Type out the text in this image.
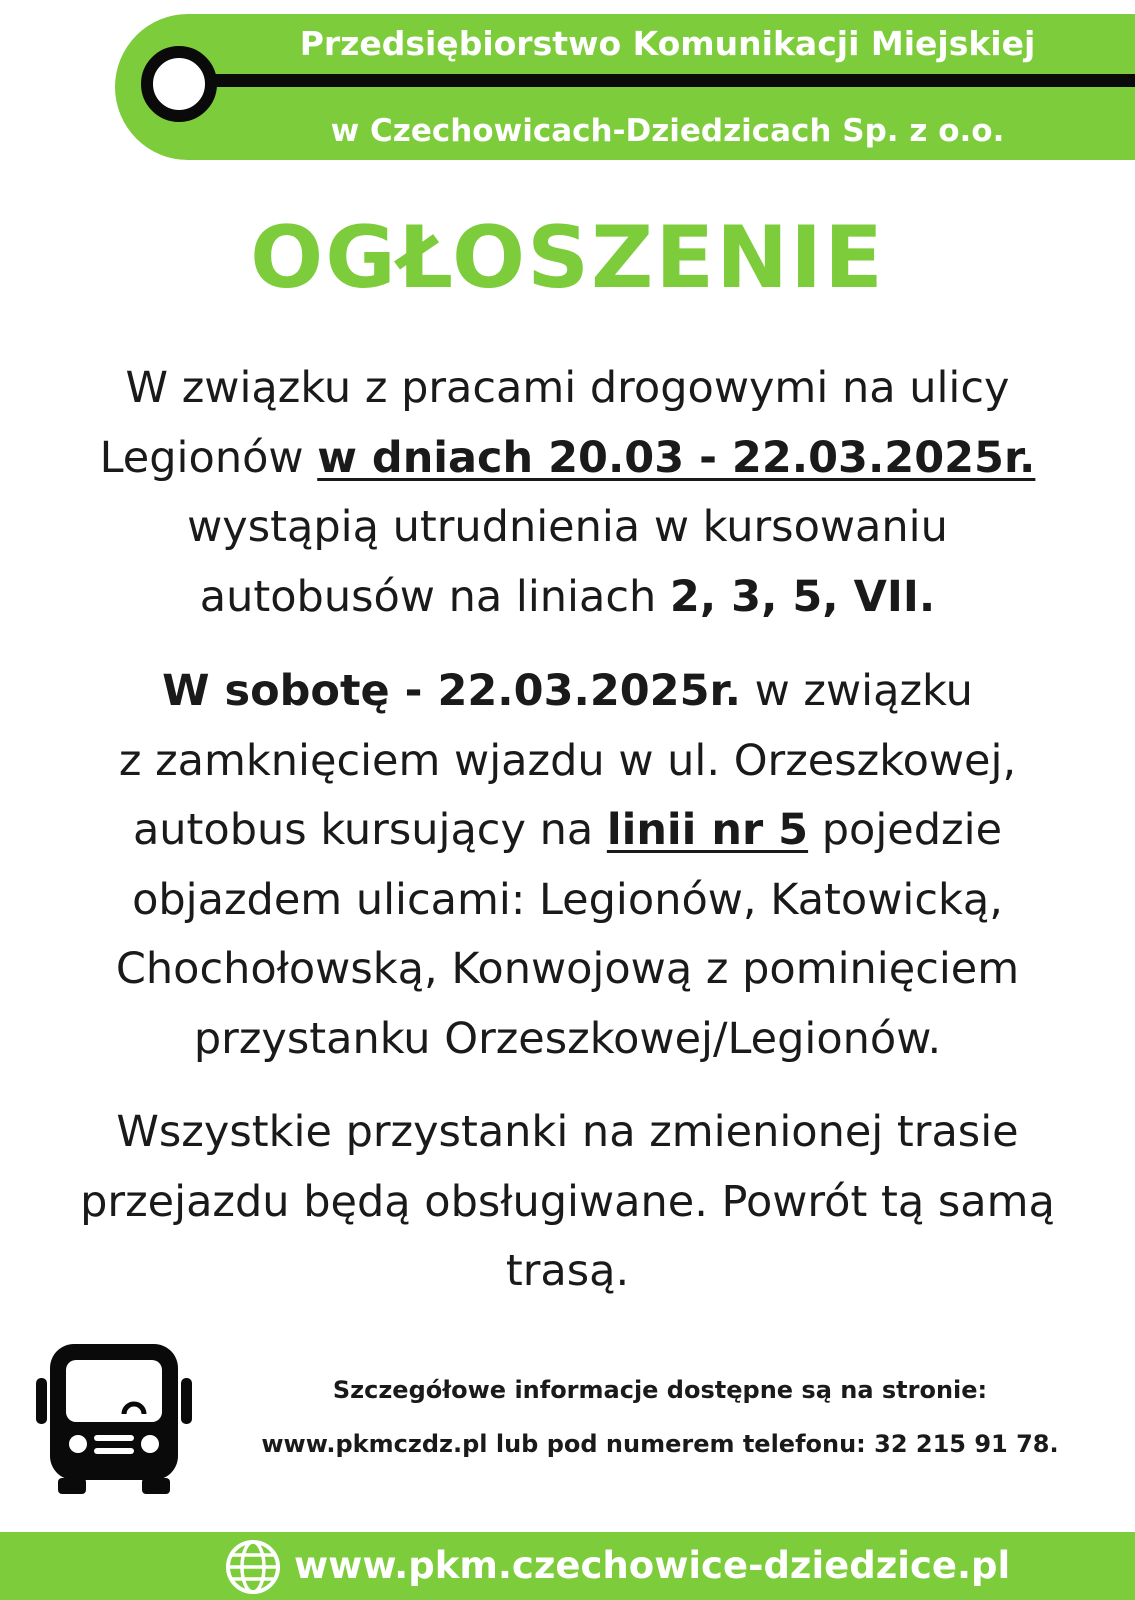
Przedsiębiorstwo Komunikacji Miejskiej
w Czechowicach-Dziedzicach Sp. z o.o.
OGŁOSZENIE
W związku z pracami drogowymi na ulicy
Legionów w dniach 20.03 - 22.03.2025r.
wystąpią utrudnienia w kursowaniu
autobusów na liniach 2, 3, 5, VII.
W sobotę - 22.03.2025r. w związku
z zamknięciem wjazdu w ul. Orzeszkowej,
autobus kursujący na linii nr 5 pojedzie
objazdem ulicami: Legionów, Katowicką,
Chochołowską, Konwojową z pominięciem
przystanku Orzeszkowej/Legionów.
Wszystkie przystanki na zmienionej trasie
przejazdu będą obsługiwane. Powrót tą samą
trasą.
Szczegółowe informacje dostępne są na stronie:
www.pkmczdz.pl lub pod numerem telefonu: 32 215 91 78.
www.pkm.czechowice-dziedzice.pl
